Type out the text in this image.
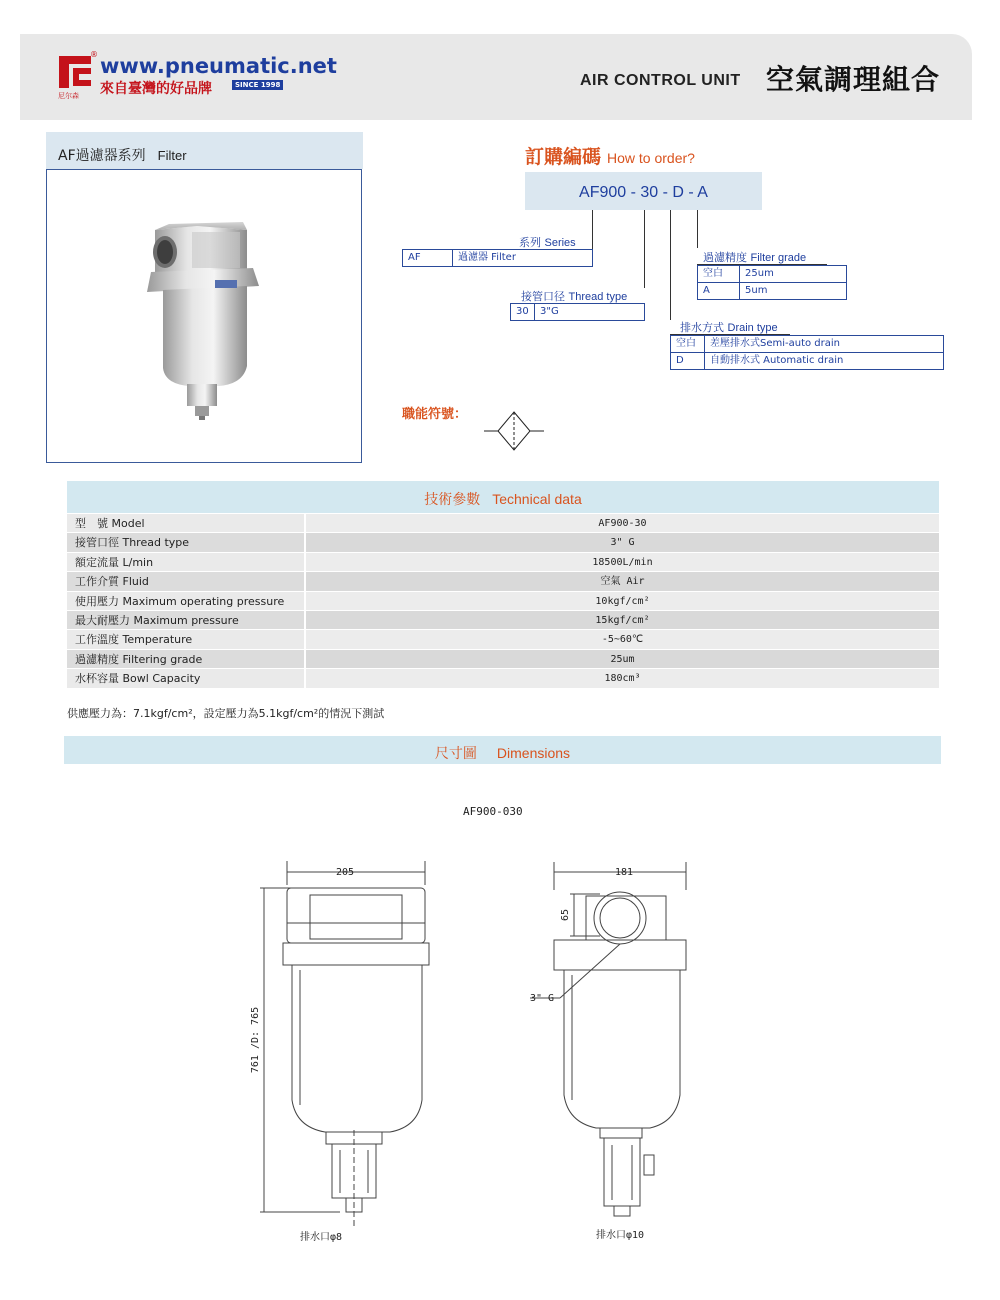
® www.pneumatic.net
來自臺灣的好品牌	SINCE 1998
尼尔森
AIR CONTROL UNIT 空氣調理組合
AF過濾器系列 Filter	訂購編碼 How to order?
AF900 - 30 - D - A
系列 Series
AF	過濾器 Filter
接管口径 Thread type
30	3"G
過濾精度 Filter grade
空白	25um
A	5um
排水方式 Drain type
空白	差壓排水式Semi-auto drain
D	自動排水式 Automatic drain
職能符號：
技術參數 Technical data
型　號 Model	AF900-30
接管口徑 Thread type	3" G
額定流量 L/min	18500L/min
工作介質 Fluid	空氣 Air
使用壓力 Maximum operating pressure	10kgf/cm²
最大耐壓力 Maximum pressure	15kgf/cm²
工作溫度 Temperature	-5~60℃
過濾精度 Filtering grade	25um
水杯容量 Bowl Capacity	180cm³
供應壓力為：7.1kgf/cm²，設定壓力為5.1kgf/cm²的情況下測試
尺寸圖 Dimensions
AF900-030
205
761 /D: 765
排水口φ8
181
65
3" G
排水口φ10
